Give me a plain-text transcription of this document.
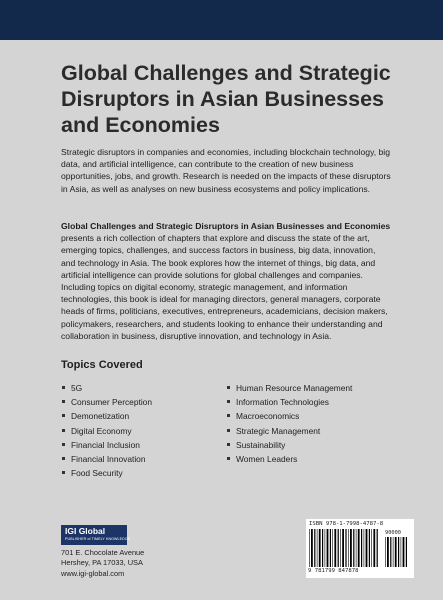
Global Challenges and Strategic Disruptors in Asian Businesses and Economies

Strategic disruptors in companies and economies, including blockchain technology, big data, and artificial intelligence, can contribute to the creation of new business opportunities, jobs, and growth. Research is needed on the impacts of these disruptors in Asia, as well as analyses on new business ecosystems and policy implications.

Global Challenges and Strategic Disruptors in Asian Businesses and Economies presents a rich collection of chapters that explore and discuss the state of the art, emerging topics, challenges, and success factors in business, big data, innovation, and technology in Asia. The book explores how the internet of things, big data, and artificial intelligence can provide solutions for global challenges and companies. Including topics on digital economy, strategic management, and information technologies, this book is ideal for managing directors, general managers, corporate heads of firms, politicians, executives, entrepreneurs, academicians, decision makers, policymakers, researchers, and students looking to enhance their understanding and collaboration in business, disruptive innovation, and technology in Asia.

Topics Covered
5G
Consumer Perception
Demonetization
Digital Economy
Financial Inclusion
Financial Innovation
Food Security
Human Resource Management
Information Technologies
Macroeconomics
Strategic Management
Sustainability
Women Leaders
IGI Global
PUBLISHER of TIMELY KNOWLEDGE
701 E. Chocolate Avenue
Hershey, PA 17033, USA
www.igi-global.com
ISBN 978-1-7998-4787-8
90000
9 781799 847878
